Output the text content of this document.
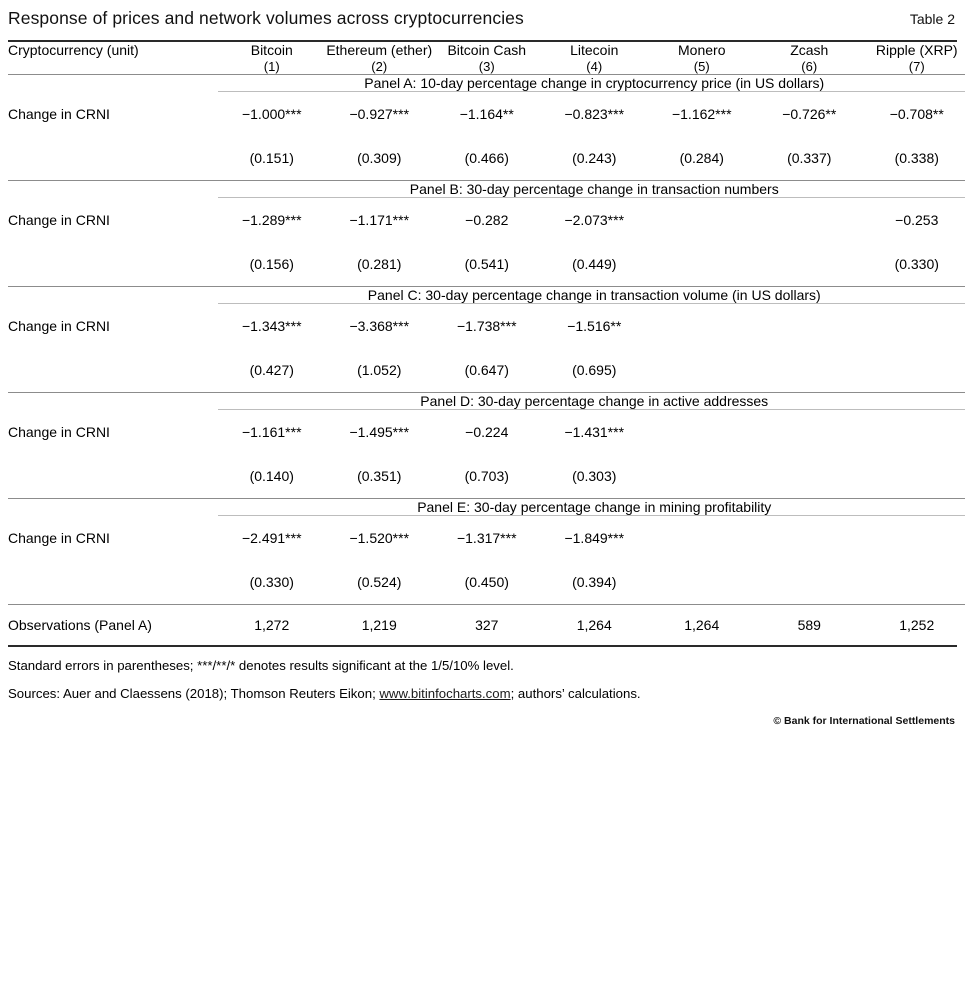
Response of prices and network volumes across cryptocurrencies	Table 2
Cryptocurrency (unit)	Bitcoin	Ethereum (ether)	Bitcoin Cash	Litecoin	Monero	Zcash	Ripple (XRP)
	(1)	(2)	(3)	(4)	(5)	(6)	(7)

	Panel A: 10-day percentage change in cryptocurrency price (in US dollars)						

Change in CRNI	−1.000***	−0.927***	−1.164**	−0.823***	−1.162***	−0.726**	−0.708**
	(0.151)	(0.309)	(0.466)	(0.243)	(0.284)	(0.337)	(0.338)

	Panel B: 30-day percentage change in transaction numbers						

Change in CRNI	−1.289***	−1.171***	−0.282	−2.073***			−0.253
	(0.156)	(0.281)	(0.541)	(0.449)			(0.330)

	Panel C: 30-day percentage change in transaction volume (in US dollars)						

Change in CRNI	−1.343***	−3.368***	−1.738***	−1.516**			
	(0.427)	(1.052)	(0.647)	(0.695)			

	Panel D: 30-day percentage change in active addresses						

Change in CRNI	−1.161***	−1.495***	−0.224	−1.431***			
	(0.140)	(0.351)	(0.703)	(0.303)			

	Panel E: 30-day percentage change in mining profitability						

Change in CRNI	−2.491***	−1.520***	−1.317***	−1.849***			
	(0.330)	(0.524)	(0.450)	(0.394)			

Observations (Panel A)	1,272	1,219	327	1,264	1,264	589	1,252
Standard errors in parentheses; ***/**/* denotes results significant at the 1/5/10% level.
Sources: Auer and Claessens (2018); Thomson Reuters Eikon; www.bitinfocharts.com; authors’ calculations.
© Bank for International Settlements
